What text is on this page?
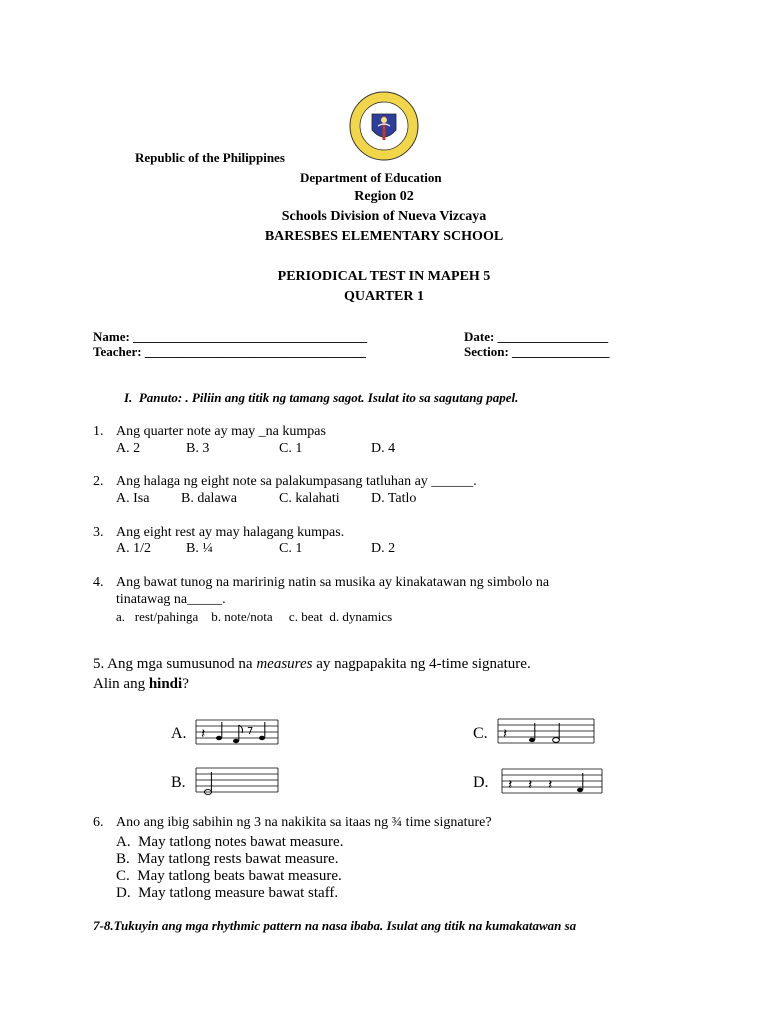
Republic of the Philippines
Department of Education
Region 02
Schools Division of Nueva Vizcaya
BARESBES ELEMENTARY SCHOOL
PERIODICAL TEST IN MAPEH 5
QUARTER 1
Name: ____________________________________
Teacher: __________________________________
Date: _________________
Section: _______________
I. Panuto: . Piliin ang titik ng tamang sagot. Isulat ito sa sagutang papel.
1. Ang quarter note ay may _na kumpas
A. 2	B. 3	C. 1	D. 4
2. Ang halaga ng eight note sa palakumpasang tatluhan ay ______.
A. Isa B. dalawa	C. kalahati D. Tatlo
3. Ang eight rest ay may halagang kumpas.
A. 1/2	B. ¼	C. 1	D. 2
4. Ang bawat tunog na maririnig natin sa musika ay kinakatawan ng simbolo na
tinatawag na_____.
a.   rest/pahinga    b. note/nota     c. beat  d. dynamics
5. Ang mga sumusunod na measures ay nagpapakita ng 4-time signature.
Alin ang hindi?
A. 𝄽	7	C. 𝄽
B.	D. 𝄽 𝄽 𝄽
6. Ano ang ibig sabihin ng 3 na nakikita sa itaas ng ¾ time signature?
A.  May tatlong notes bawat measure.
B.  May tatlong rests bawat measure.
C.  May tatlong beats bawat measure.
D.  May tatlong measure bawat staff.
7-8.Tukuyin ang mga rhythmic pattern na nasa ibaba. Isulat ang titik na kumakatawan sa
